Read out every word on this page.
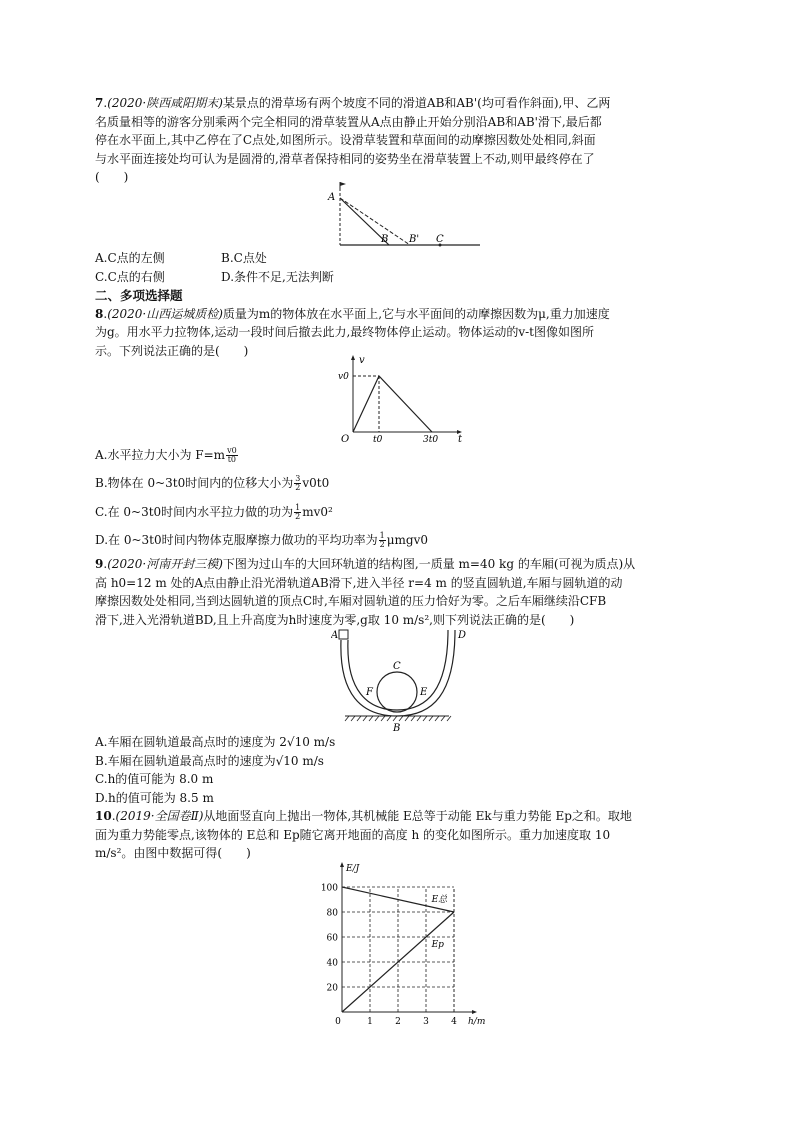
7.(2020·陕西咸阳期末)某景点的滑草场有两个坡度不同的滑道AB和AB'(均可看作斜面),甲、乙两

名质量相等的游客分别乘两个完全相同的滑草装置从A点由静止开始分别沿AB和AB'滑下,最后都

停在水平面上,其中乙停在了C点处,如图所示。设滑草装置和草面间的动摩擦因数处处相同,斜面

与水平面连接处均可认为是圆滑的,滑草者保持相同的姿势坐在滑草装置上不动,则甲最终停在了

(　　)

A
B B' C
A.C点的左侧	B.C点处
C.C点的右侧	D.条件不足,无法判断
二、多项选择题

8.(2020·山西运城质检)质量为m的物体放在水平面上,它与水平面间的动摩擦因数为μ,重力加速度

为g。用水平力拉物体,运动一段时间后撤去此力,最终物体停止运动。物体运动的v-t图像如图所

示。下列说法正确的是(　　)

v
v0
O	t0	3t0 t
A.水平拉力大小为 $F=m \frac{v0}{t0}$
B.物体在 0~3t0时间内的位移大小为 $\frac{3}{2} v0t0$
C.在 0~3t0时间内水平拉力做的功为 $\frac{1}{2} mv0^2$
D.在 0~3t0时间内物体克服摩擦力做功的平均功率为 $\frac{1}{2} \mu mgv0$

9.(2020·河南开封三模)下图为过山车的大回环轨道的结构图,一质量 m=40 kg 的车厢(可视为质点)从

高 h0=12 m 处的A点由静止沿光滑轨道AB滑下,进入半径 r=4 m 的竖直圆轨道,车厢与圆轨道的动

摩擦因数处处相同,当到达圆轨道的顶点C时,车厢对圆轨道的压力恰好为零。之后车厢继续沿CFB

滑下,进入光滑轨道BD,且上升高度为h时速度为零,g取 10 m/s²,则下列说法正确的是(　　)

A	D
C
F	E
B
A.车厢在圆轨道最高点时的速度为 2√10 m/s
B.车厢在圆轨道最高点时的速度为√10 m/s
C.h的值可能为 8.0 m
D.h的值可能为 8.5 m

10.(2019·全国卷Ⅱ)从地面竖直向上抛出一物体,其机械能 E总等于动能 Ek与重力势能 Ep之和。取地

面为重力势能零点,该物体的 E总和 Ep随它离开地面的高度 h 的变化如图所示。重力加速度取 10

m/s²。由图中数据可得(　　)

20
40
60
80
100
0	1 2 3 4
E/J
h/m
E总
Ep
